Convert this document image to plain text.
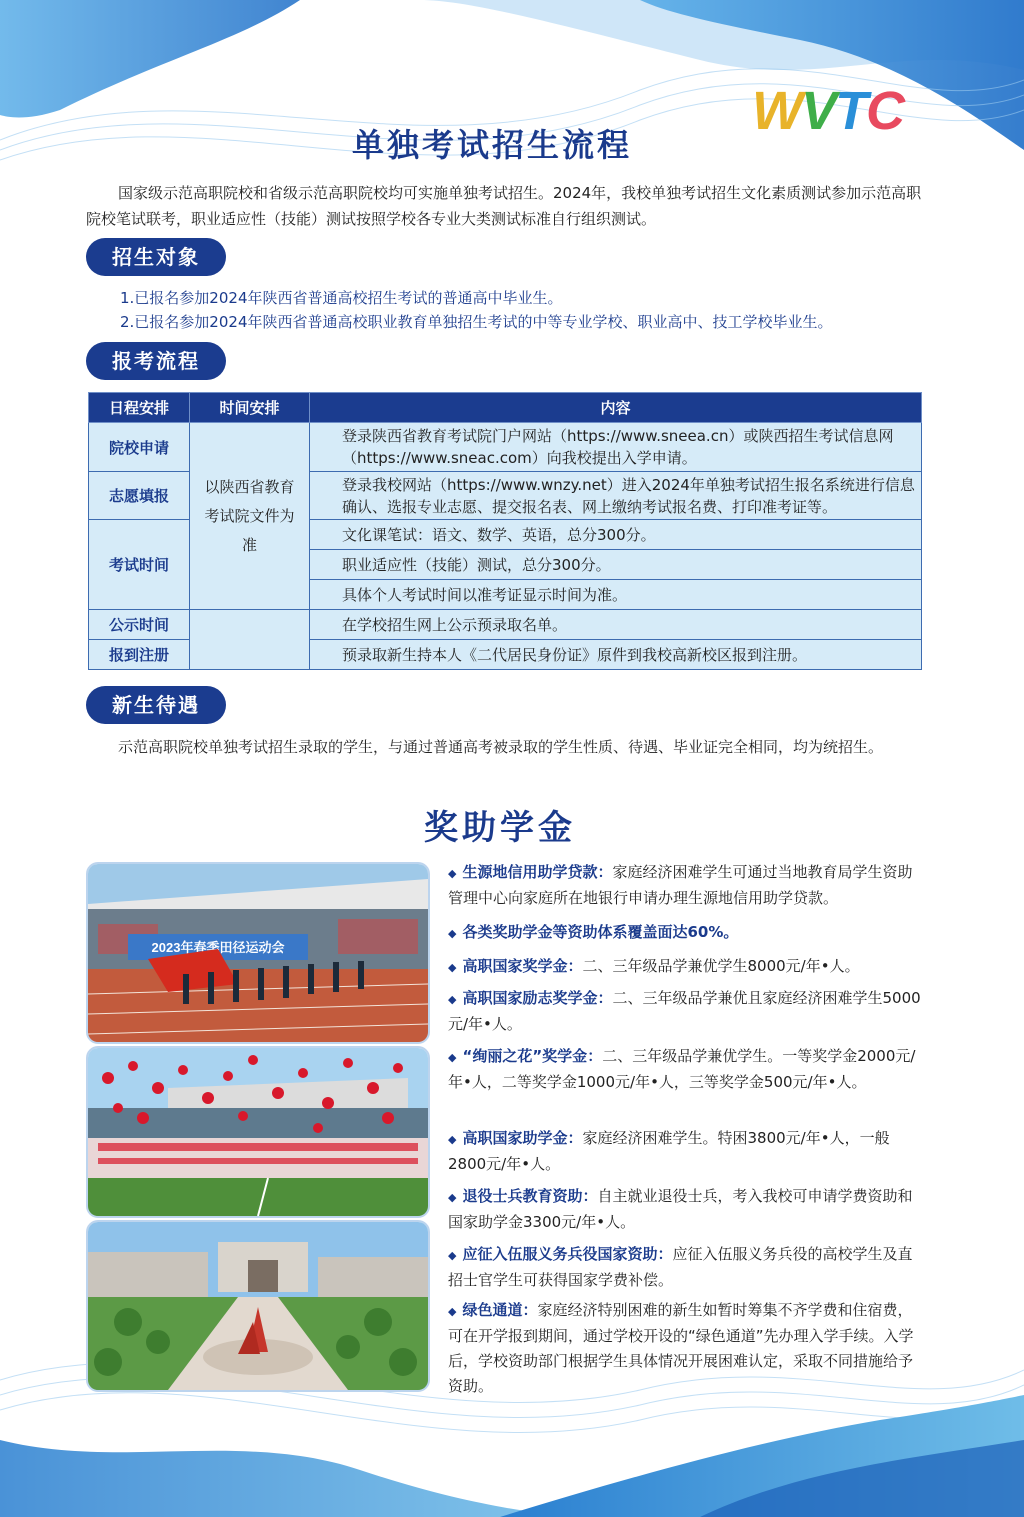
WVTC
单独考试招生流程
国家级示范高职院校和省级示范高职院校均可实施单独考试招生。2024年，我校单独考试招生文化素质测试参加示范高职院校笔试联考，职业适应性（技能）测试按照学校各专业大类测试标准自行组织测试。
招生对象
1.已报名参加2024年陕西省普通高校招生考试的普通高中毕业生。
2.已报名参加2024年陕西省普通高校职业教育单独招生考试的中等专业学校、职业高中、技工学校毕业生。
报考流程
日程安排	时间安排	内容
院校申请	以陕西省教育考试院文件为准	登录陕西省教育考试院门户网站（https://www.sneea.cn）或陕西招生考试信息网（https://www.sneac.com）向我校提出入学申请。
志愿填报		登录我校网站（https://www.wnzy.net）进入2024年单独考试招生报名系统进行信息确认、选报专业志愿、提交报名表、网上缴纳考试报名费、打印准考证等。
考试时间		文化课笔试：语文、数学、英语，总分300分。
		职业适应性（技能）测试，总分300分。
		具体个人考试时间以准考证显示时间为准。
公示时间		在学校招生网上公示预录取名单。
报到注册		预录取新生持本人《二代居民身份证》原件到我校高新校区报到注册。
新生待遇
示范高职院校单独考试招生录取的学生，与通过普通高考被录取的学生性质、待遇、毕业证完全相同，均为统招生。
奖助学金
2023年春季田径运动会
◆ 生源地信用助学贷款：家庭经济困难学生可通过当地教育局学生资助管理中心向家庭所在地银行申请办理生源地信用助学贷款。
◆ 各类奖助学金等资助体系覆盖面达60%。
◆ 高职国家奖学金：二、三年级品学兼优学生8000元/年•人。
◆ 高职国家励志奖学金：二、三年级品学兼优且家庭经济困难学生5000元/年•人。
◆ “绚丽之花”奖学金：二、三年级品学兼优学生。一等奖学金2000元/年•人，二等奖学金1000元/年•人，三等奖学金500元/年•人。
◆ 高职国家助学金：家庭经济困难学生。特困3800元/年•人，一般2800元/年•人。
◆ 退役士兵教育资助：自主就业退役士兵，考入我校可申请学费资助和国家助学金3300元/年•人。
◆ 应征入伍服义务兵役国家资助：应征入伍服义务兵役的高校学生及直招士官学生可获得国家学费补偿。
◆ 绿色通道：家庭经济特别困难的新生如暂时筹集不齐学费和住宿费，可在开学报到期间，通过学校开设的“绿色通道”先办理入学手续。入学后，学校资助部门根据学生具体情况开展困难认定，采取不同措施给予资助。
